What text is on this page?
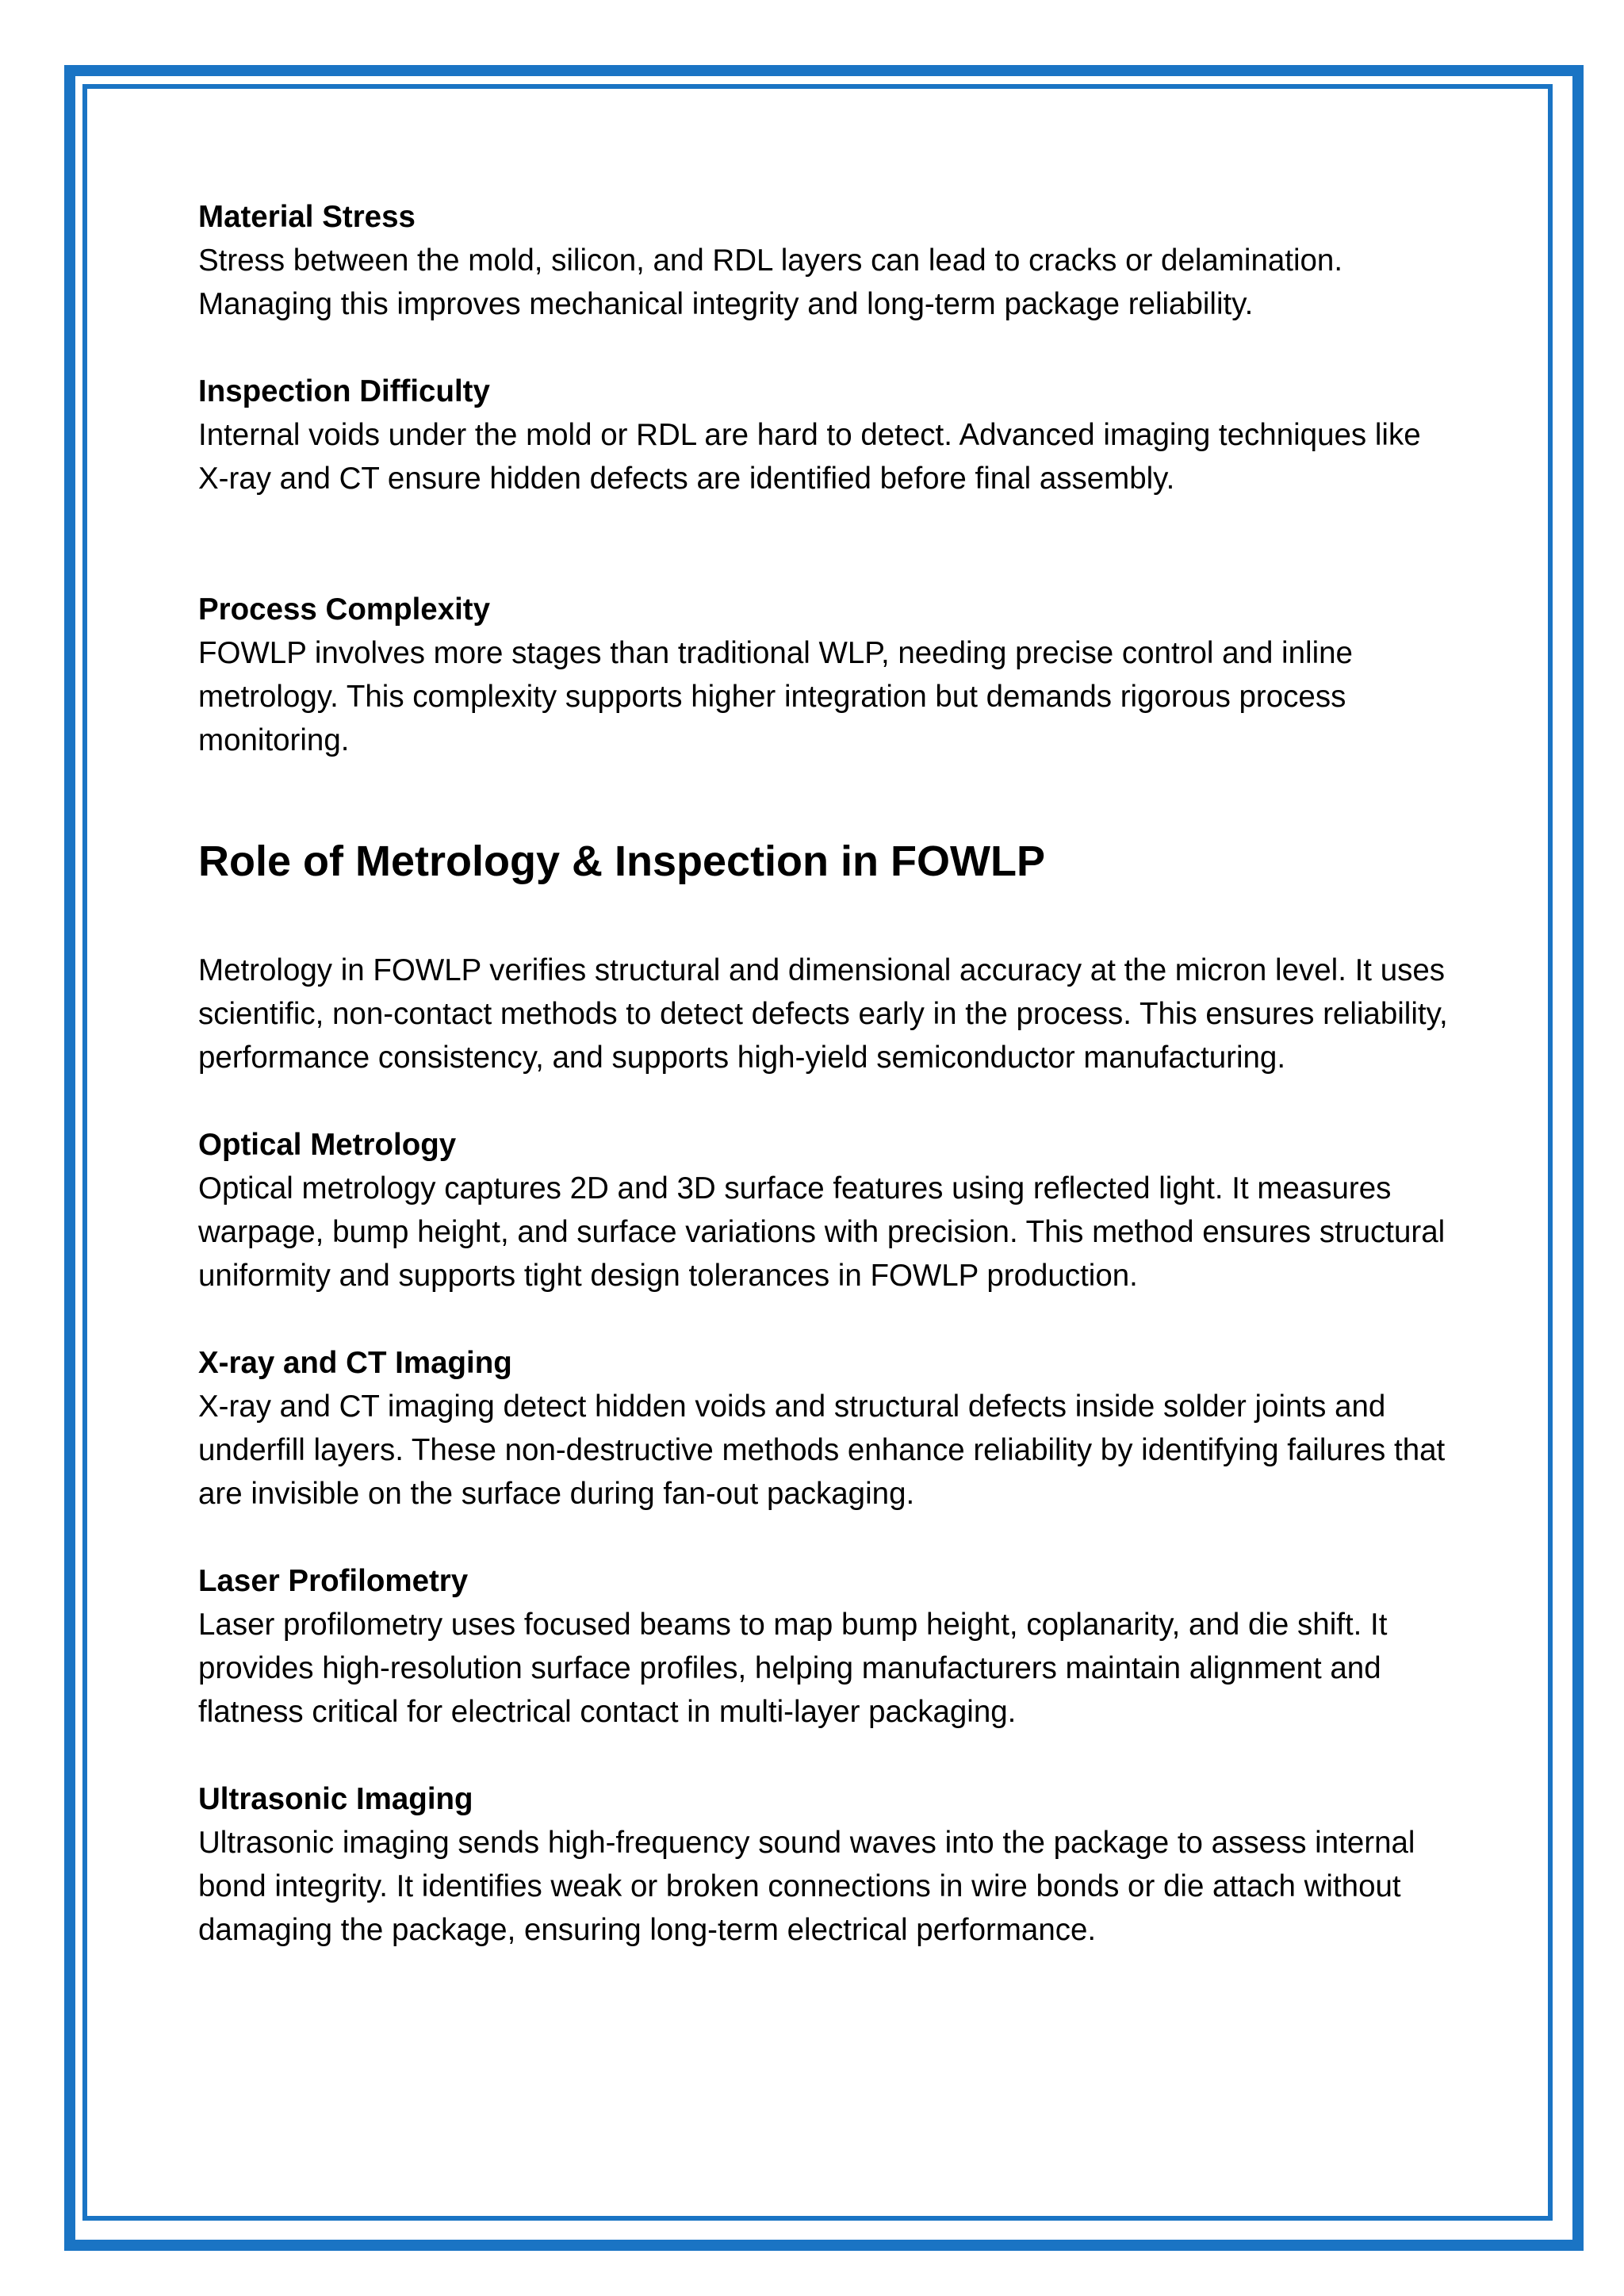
Material Stress

Stress between the mold, silicon, and RDL layers can lead to cracks or delamination. Managing this improves mechanical integrity and long-term package reliability.

Inspection Difficulty

Internal voids under the mold or RDL are hard to detect. Advanced imaging techniques like X-ray and CT ensure hidden defects are identified before final assembly.

Process Complexity

FOWLP involves more stages than traditional WLP, needing precise control and inline metrology. This complexity supports higher integration but demands rigorous process monitoring.

Role of Metrology & Inspection in FOWLP

Metrology in FOWLP verifies structural and dimensional accuracy at the micron level. It uses scientific, non-contact methods to detect defects early in the process. This ensures reliability, performance consistency, and supports high-yield semiconductor manufacturing.

Optical Metrology

Optical metrology captures 2D and 3D surface features using reflected light. It measures warpage, bump height, and surface variations with precision. This method ensures structural uniformity and supports tight design tolerances in FOWLP production.

X-ray and CT Imaging

X-ray and CT imaging detect hidden voids and structural defects inside solder joints and underfill layers. These non-destructive methods enhance reliability by identifying failures that are invisible on the surface during fan-out packaging.

Laser Profilometry

Laser profilometry uses focused beams to map bump height, coplanarity, and die shift. It provides high-resolution surface profiles, helping manufacturers maintain alignment and flatness critical for electrical contact in multi-layer packaging.

Ultrasonic Imaging

Ultrasonic imaging sends high-frequency sound waves into the package to assess internal bond integrity. It identifies weak or broken connections in wire bonds or die attach without damaging the package, ensuring long-term electrical performance.
